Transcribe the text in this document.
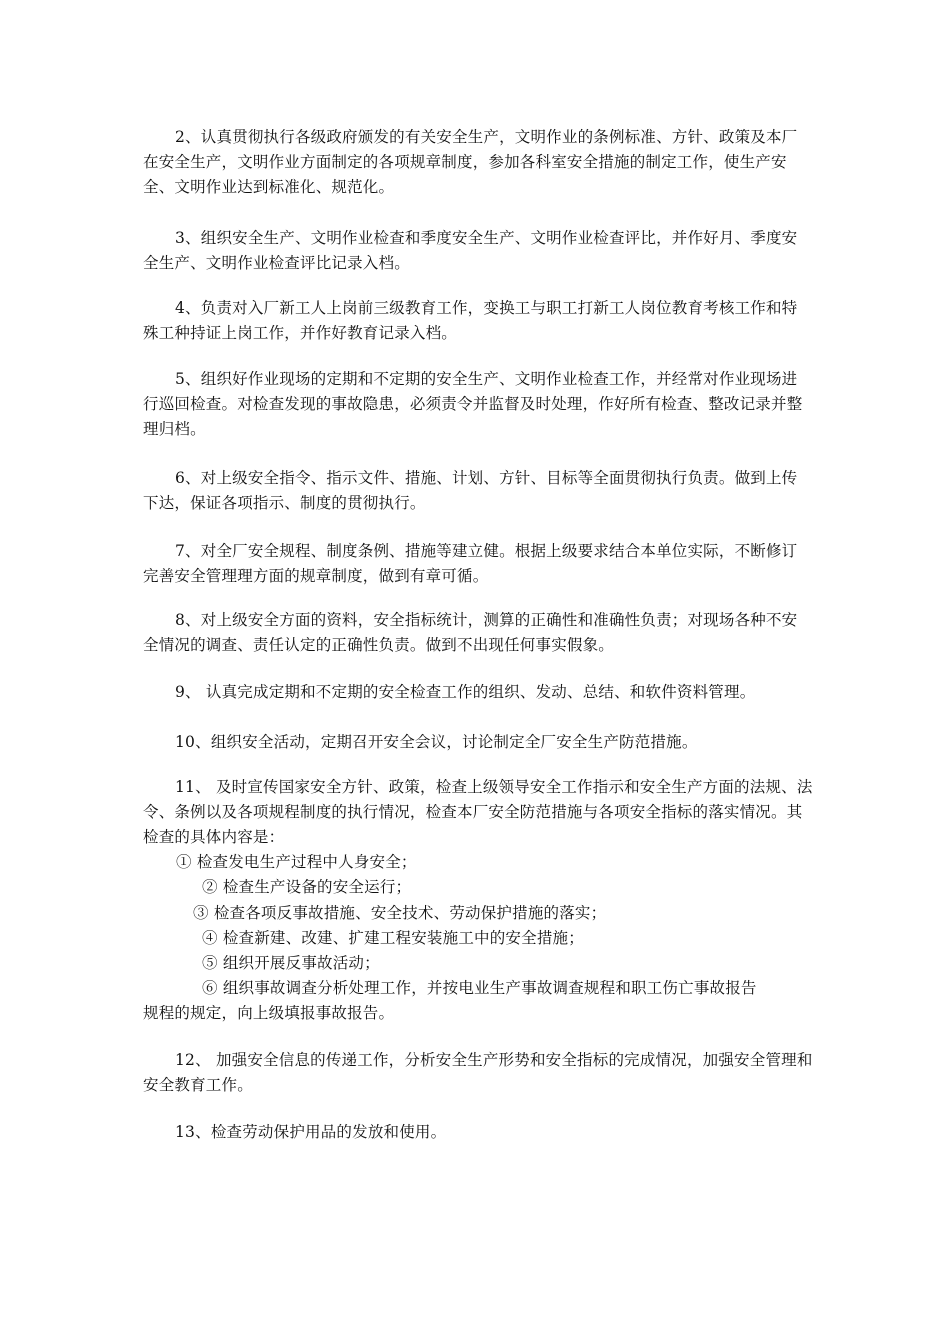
2、认真贯彻执行各级政府颁发的有关安全生产，文明作业的条例标准、方针、政策及本厂在安全生产，文明作业方面制定的各项规章制度，参加各科室安全措施的制定工作，使生产安全、文明作业达到标准化、规范化。
3、组织安全生产、文明作业检查和季度安全生产、文明作业检查评比，并作好月、季度安全生产、文明作业检查评比记录入档。
4、负责对入厂新工人上岗前三级教育工作，变换工与职工打新工人岗位教育考核工作和特殊工种持证上岗工作，并作好教育记录入档。
5、组织好作业现场的定期和不定期的安全生产、文明作业检查工作，并经常对作业现场进行巡回检查。对检查发现的事故隐患，必须责令并监督及时处理，作好所有检查、整改记录并整理归档。
6、对上级安全指令、指示文件、措施、计划、方针、目标等全面贯彻执行负责。做到上传下达，保证各项指示、制度的贯彻执行。
7、对全厂安全规程、制度条例、措施等建立健。根据上级要求结合本单位实际，不断修订完善安全管理理方面的规章制度，做到有章可循。
8、对上级安全方面的资料，安全指标统计，测算的正确性和准确性负责；对现场各种不安全情况的调查、责任认定的正确性负责。做到不出现任何事实假象。
9、 认真完成定期和不定期的安全检查工作的组织、发动、总结、和软件资料管理。
10、组织安全活动，定期召开安全会议，讨论制定全厂安全生产防范措施。
11、 及时宣传国家安全方针、政策，检查上级领导安全工作指示和安全生产方面的法规、法令、条例以及各项规程制度的执行情况，检查本厂安全防范措施与各项安全指标的落实情况。其检查的具体内容是：
① 检查发电生产过程中人身安全；
② 检查生产设备的安全运行；
③ 检查各项反事故措施、安全技术、劳动保护措施的落实；
④ 检查新建、改建、扩建工程安装施工中的安全措施；
⑤ 组织开展反事故活动；
⑥ 组织事故调查分析处理工作，并按电业生产事故调查规程和职工伤亡事故报告
规程的规定，向上级填报事故报告。
12、 加强安全信息的传递工作，分析安全生产形势和安全指标的完成情况，加强安全管理和安全教育工作。
13、检查劳动保护用品的发放和使用。
